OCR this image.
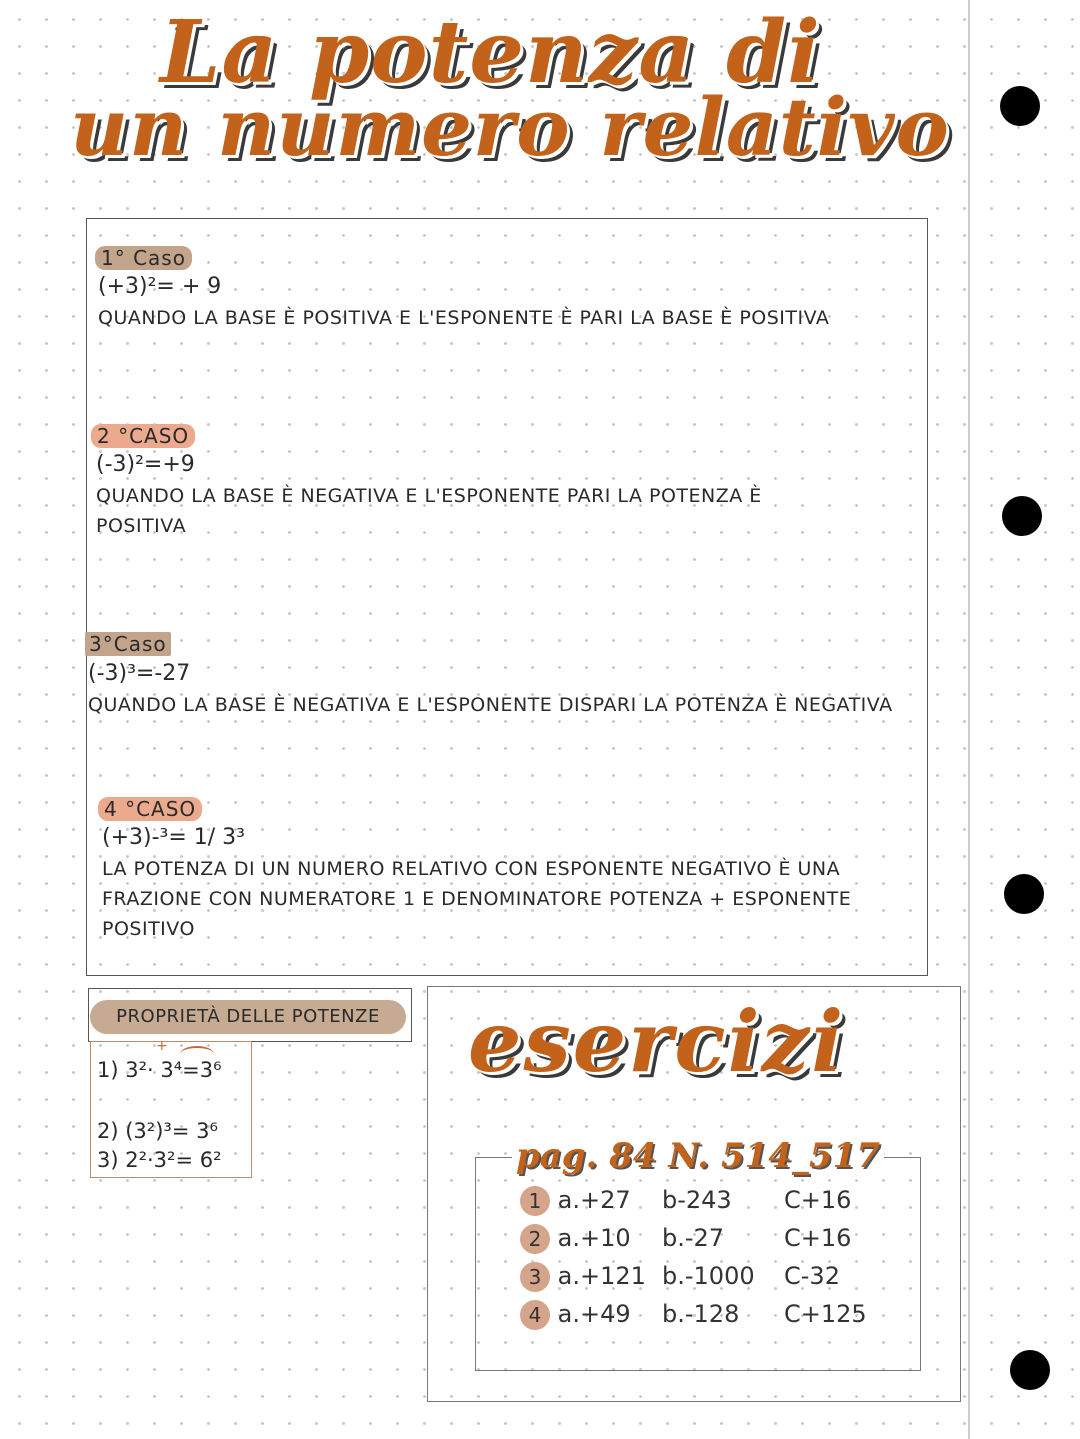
La potenza di
un numero relativo
1° Caso
(+3)²= + 9
QUANDO LA BASE È POSITIVA E L'ESPONENTE È PARI LA BASE È POSITIVA
2 °CASO
(-3)²=+9
QUANDO LA BASE È NEGATIVA E L'ESPONENTE PARI LA POTENZA È
POSITIVA
3°Caso
(-3)³=-27
QUANDO LA BASE È NEGATIVA E L'ESPONENTE DISPARI LA POTENZA È NEGATIVA
4 °CASO
(+3)-³= 1/ 3³
LA POTENZA DI UN NUMERO RELATIVO CON ESPONENTE NEGATIVO È UNA
FRAZIONE CON NUMERATORE 1 E DENOMINATORE POTENZA + ESPONENTE
POSITIVO
PROPRIETÀ DELLE POTENZE
+
1) 3²· 3⁴=3⁶
2) (3²)³= 3⁶
3) 2²·3²= 6²
esercizi
pag. 84 N. 514_517
1 a.+27 b-243 C+16
2 a.+10 b.-27 C+16
3 a.+121 b.-1000 C-32
4 a.+49 b.-128 C+125
